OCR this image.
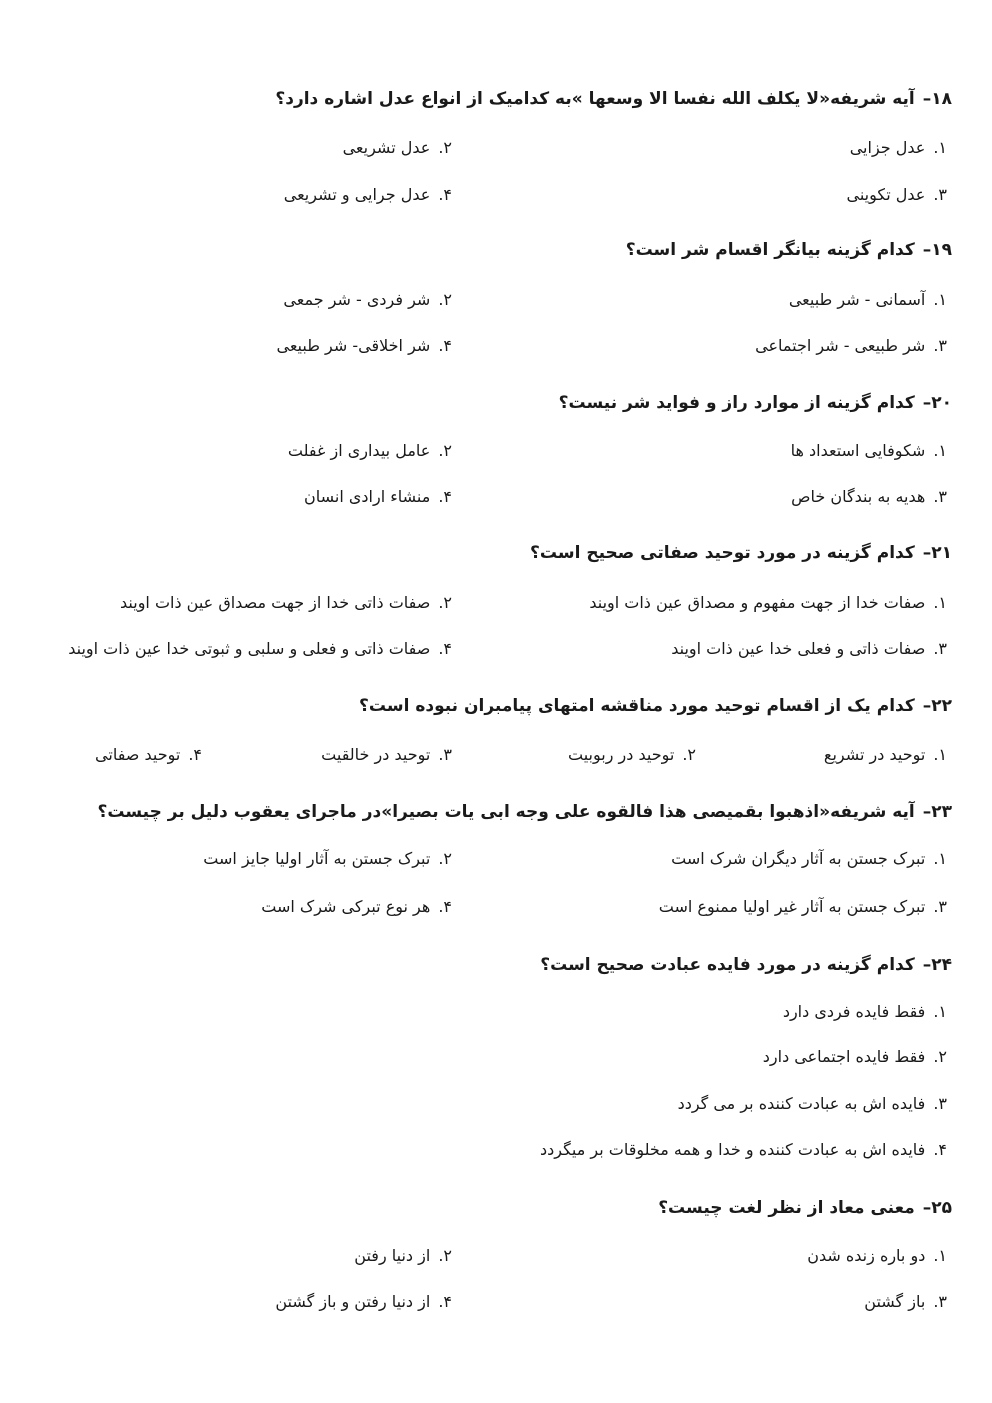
۱۸–آیه شریفه«لا یکلف الله نفسا الا وسعها »به کدامیک از انواع عدل اشاره دارد؟
۱.عدل جزایی
۲.عدل تشریعی
۳.عدل تکوینی
۴.عدل جرایی و تشریعی
۱۹–کدام گزینه بیانگر اقسام شر است؟
۱.آسمانی - شر طبیعی
۲.شر فردی - شر جمعی
۳.شر طبیعی - شر اجتماعی
۴.شر اخلاقی- شر طبیعی
۲۰–کدام گزینه از موارد راز و فواید شر نیست؟
۱.شکوفایی استعداد ها
۲.عامل بیداری از غفلت
۳.هدیه به بندگان خاص
۴.منشاء ارادی انسان
۲۱–کدام گزینه در مورد توحید صفاتی صحیح است؟
۱.صفات خدا از جهت مفهوم و مصداق عین ذات اویند
۲.صفات ذاتی خدا از جهت مصداق عین ذات اویند
۳.صفات ذاتی و فعلی خدا عین ذات اویند
۴.صفات ذاتی و فعلی و سلبی و ثبوتی خدا عین ذات اویند
۲۲–کدام یک از اقسام توحید مورد مناقشه امتهای پیامبران نبوده است؟
۱.توحید در تشریع
۲.توحید در ربوبیت
۳.توحید در خالقیت
۴.توحید صفاتی
۲۳–آیه شریفه«اذهبوا بقمیصی هذا فالقوه علی وجه ابی یات بصیرا»در ماجرای یعقوب دلیل بر چیست؟
۱.تبرک جستن به آثار دیگران شرک است
۲.تبرک جستن به آثار اولیا جایز است
۳.تبرک جستن به آثار غیر اولیا ممنوع است
۴.هر نوع تبرکی شرک است
۲۴–کدام گزینه در مورد فایده عبادت صحیح است؟
۱.فقط فایده فردی دارد
۲.فقط فایده اجتماعی دارد
۳.فایده اش به عبادت کننده بر می گردد
۴.فایده اش به عبادت کننده و خدا و همه مخلوقات بر میگردد
۲۵–معنی معاد از نظر لغت چیست؟
۱.دو باره زنده شدن
۲.از دنیا رفتن
۳.باز گشتن
۴.از دنیا رفتن و باز گشتن
